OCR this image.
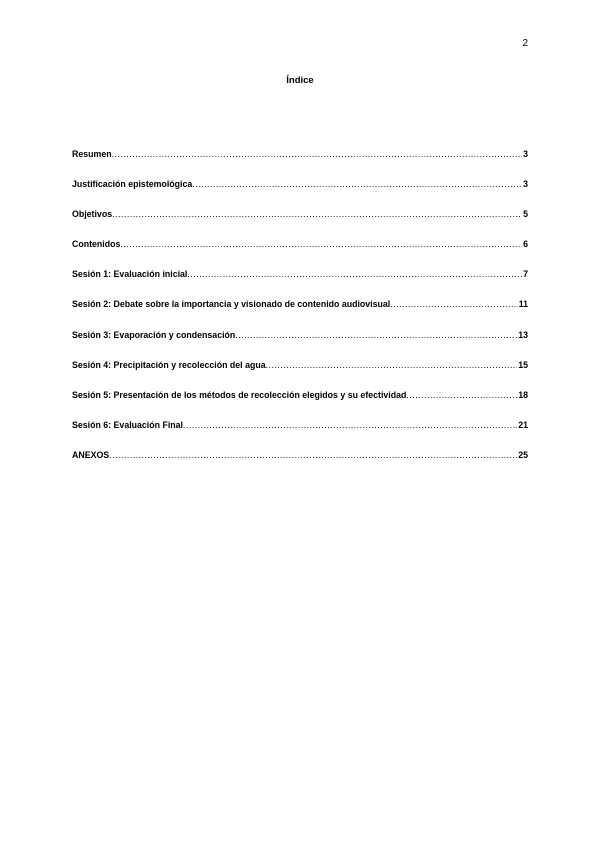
2
Índice
Resumen .....	3
Justificación epistemológica .....	3
Objetivos .....	5
Contenidos .....	6
Sesión 1: Evaluación inicial .....	7
Sesión 2: Debate sobre la importancia y visionado de contenido audiovisual .....	11
Sesión 3: Evaporación y condensación .....	13
Sesión 4: Precipitación y recolección del agua .....	15
Sesión 5: Presentación de los métodos de recolección elegidos y su efectividad .....	18
Sesión 6: Evaluación Final .....	21
ANEXOS .....	25
